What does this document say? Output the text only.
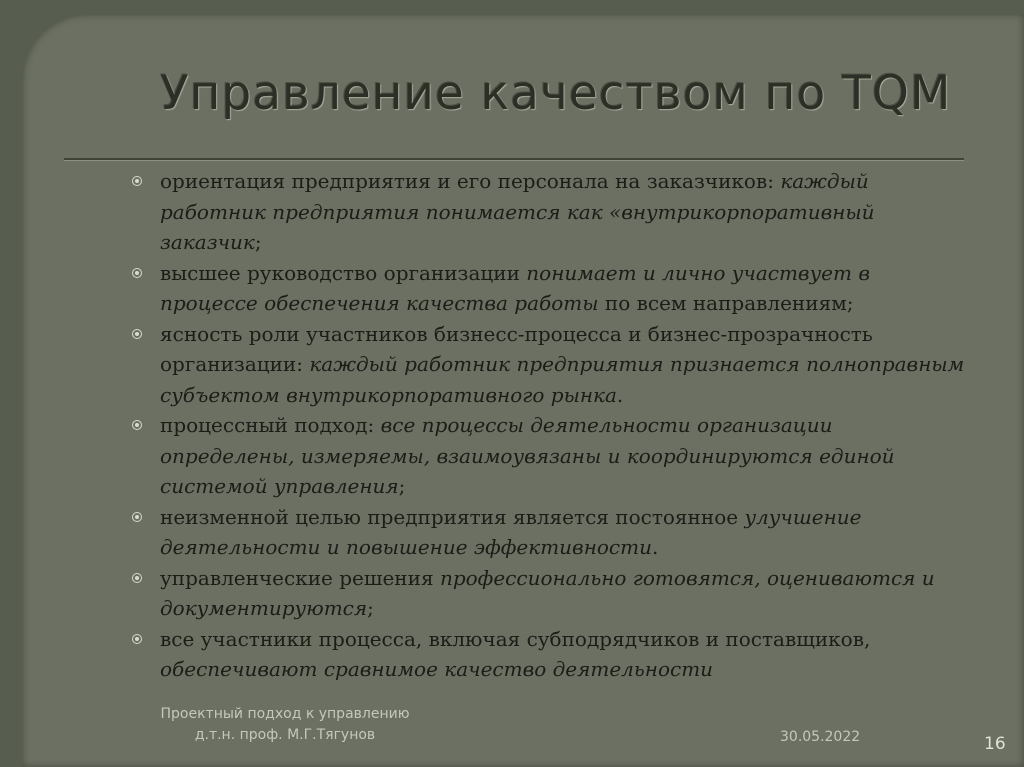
Управление качеством по TQM
ориентация предприятия и его персонала на заказчиков: каждый работник предприятия понимается как «внутрикорпоративный заказчик;
высшее руководство организации понимает и лично участвует в процессе обеспечения качества работы по всем направлениям;
ясность роли участников бизнесс-процесса и бизнес-прозрачность организации: каждый работник предприятия признается полноправным субъектом внутрикорпоративного рынка.
процессный подход: все процессы деятельности организации определены, измеряемы, взаимоувязаны и координируются единой системой управления;
неизменной целью предприятия является постоянное улучшение деятельности и повышение эффективности.
управленческие решения профессионально готовятся, оцениваются и документируются;
все участники процесса, включая субподрядчиков и поставщиков, обеспечивают сравнимое качество деятельности
Проектный подход к управлению
д.т.н. проф. М.Г.Тягунов	30.05.2022	16
